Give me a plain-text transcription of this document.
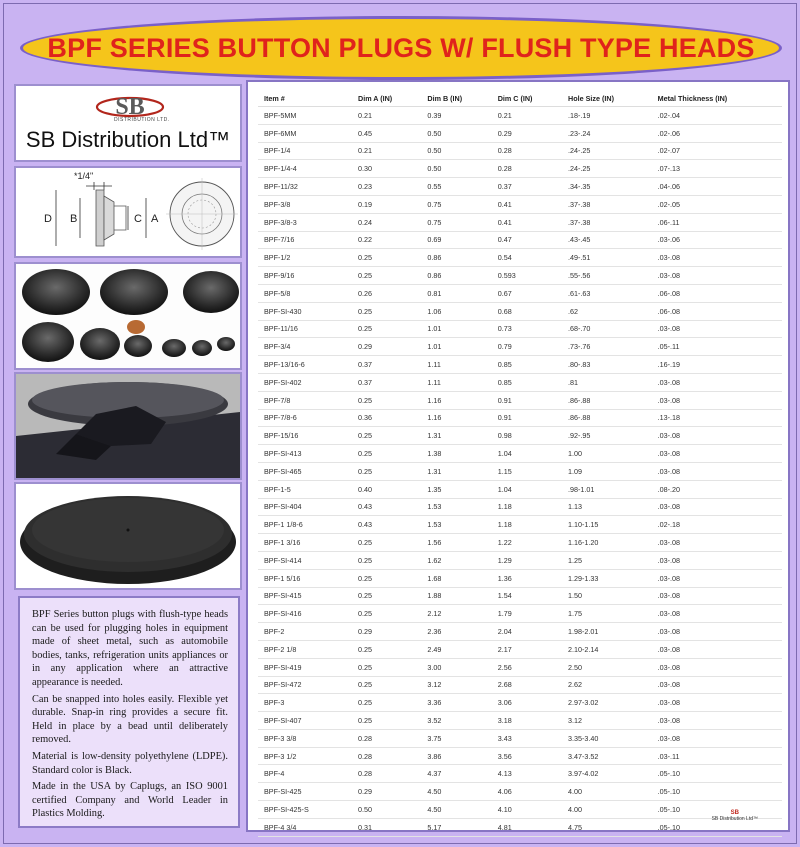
BPF SERIES BUTTON PLUGS W/ FLUSH TYPE HEADS
SB
DISTRIBUTION LTD.
SB Distribution Ltd™
*1/4"
D B	C A

BPF Series button plugs with flush-type heads can be used for plugging holes in equipment made of sheet metal, such as automobile bodies, tanks, refrigeration units appliances or in any application where an attractive appearance is needed.

Can be snapped into holes easily. Flexible yet durable. Snap-in ring provides a secure fit. Held in place by a bead until deliberately removed.

Material is low-density polyethylene (LDPE). Standard color is Black.

Made in the USA by Caplugs, an ISO 9001 certified Company and World Leader in Plastics Molding.

Item #	Dim A (IN)	Dim B (IN)	Dim C (IN)	Hole Size (IN)	Metal Thickness (IN)
BPF-5MM	0.21	0.39	0.21	.18-.19	.02-.04
BPF-6MM	0.45	0.50	0.29	.23-.24	.02-.06
BPF-1/4	0.21	0.50	0.28	.24-.25	.02-.07
BPF-1/4-4	0.30	0.50	0.28	.24-.25	.07-.13
BPF-11/32	0.23	0.55	0.37	.34-.35	.04-.06
BPF-3/8	0.19	0.75	0.41	.37-.38	.02-.05
BPF-3/8-3	0.24	0.75	0.41	.37-.38	.06-.11
BPF-7/16	0.22	0.69	0.47	.43-.45	.03-.06
BPF-1/2	0.25	0.86	0.54	.49-.51	.03-.08
BPF-9/16	0.25	0.86	0.593	.55-.56	.03-.08
BPF-5/8	0.26	0.81	0.67	.61-.63	.06-.08
BPF-SI-430	0.25	1.06	0.68	.62	.06-.08
BPF-11/16	0.25	1.01	0.73	.68-.70	.03-.08
BPF-3/4	0.29	1.01	0.79	.73-.76	.05-.11
BPF-13/16-6	0.37	1.11	0.85	.80-.83	.16-.19
BPF-SI-402	0.37	1.11	0.85	.81	.03-.08
BPF-7/8	0.25	1.16	0.91	.86-.88	.03-.08
BPF-7/8-6	0.36	1.16	0.91	.86-.88	.13-.18
BPF-15/16	0.25	1.31	0.98	.92-.95	.03-.08
BPF-SI-413	0.25	1.38	1.04	1.00	.03-.08
BPF-SI-465	0.25	1.31	1.15	1.09	.03-.08
BPF-1-5	0.40	1.35	1.04	.98-1.01	.08-.20
BPF-SI-404	0.43	1.53	1.18	1.13	.03-.08
BPF-1 1/8-6	0.43	1.53	1.18	1.10-1.15	.02-.18
BPF-1 3/16	0.25	1.56	1.22	1.16-1.20	.03-.08
BPF-SI-414	0.25	1.62	1.29	1.25	.03-.08
BPF-1 5/16	0.25	1.68	1.36	1.29-1.33	.03-.08
BPF-SI-415	0.25	1.88	1.54	1.50	.03-.08
BPF-SI-416	0.25	2.12	1.79	1.75	.03-.08
BPF-2	0.29	2.36	2.04	1.98-2.01	.03-.08
BPF-2 1/8	0.25	2.49	2.17	2.10-2.14	.03-.08
BPF-SI-419	0.25	3.00	2.56	2.50	.03-.08
BPF-SI-472	0.25	3.12	2.68	2.62	.03-.08
BPF-3	0.25	3.36	3.06	2.97-3.02	.03-.08
BPF-SI-407	0.25	3.52	3.18	3.12	.03-.08
BPF-3 3/8	0.28	3.75	3.43	3.35-3.40	.03-.08
BPF-3 1/2	0.28	3.86	3.56	3.47-3.52	.03-.11
BPF-4	0.28	4.37	4.13	3.97-4.02	.05-.10
BPF-SI-425	0.29	4.50	4.06	4.00	.05-.10
BPF-SI-425-S	0.50	4.50	4.10	4.00	.05-.10
BPF-4 3/4	0.31	5.17	4.81	4.75	.05-.10
SB
SB Distribution Ltd™
